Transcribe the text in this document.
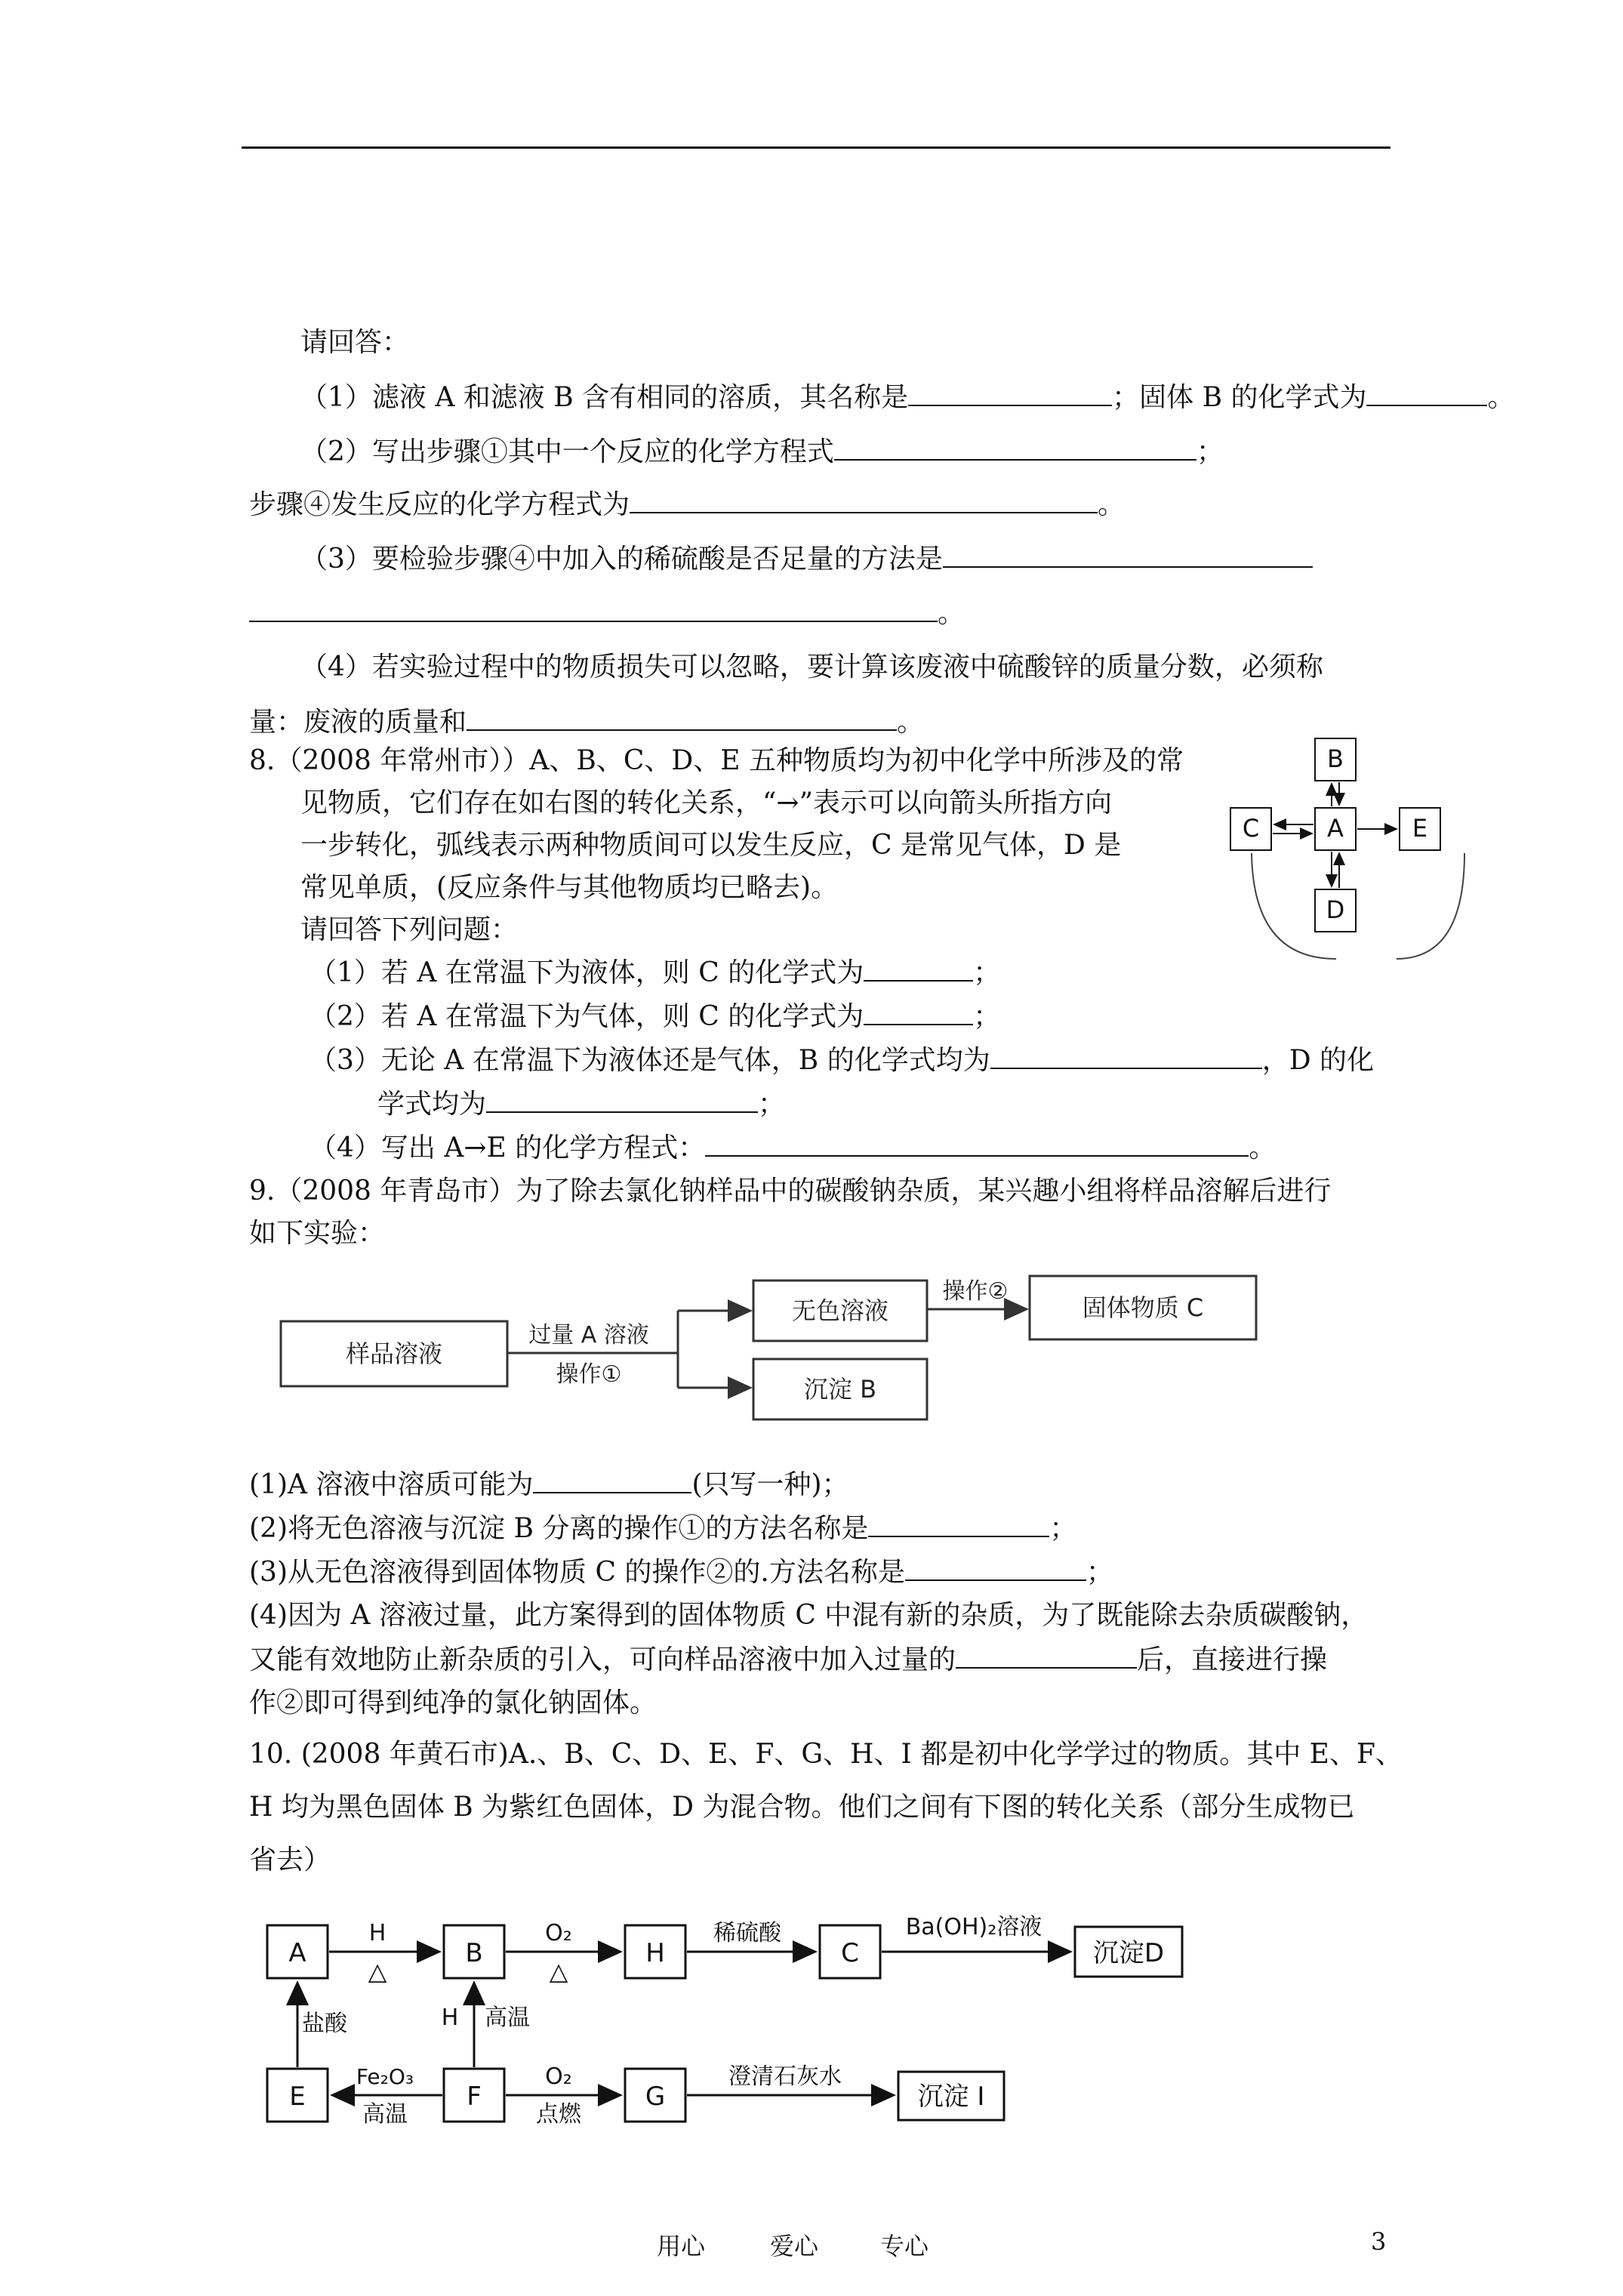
请回答：
（1）滤液 A 和滤液 B 含有相同的溶质，其名称是	；固体 B 的化学式为	。
（2）写出步骤①其中一个反应的化学方程式	；
步骤④发生反应的化学方程式为	。
（3）要检验步骤④中加入的稀硫酸是否足量的方法是
。
（4）若实验过程中的物质损失可以忽略，要计算该废液中硫酸锌的质量分数，必须称
量：废液的质量和	。
8.（2008 年常州市））A、B、C、D、E 五种物质均为初中化学中所涉及的常
见物质，它们存在如右图的转化关系，“→”表示可以向箭头所指方向
一步转化，弧线表示两种物质间可以发生反应，C 是常见气体，D 是
常见单质，(反应条件与其他物质均已略去)。
请回答下列问题：
（1）若 A 在常温下为液体，则 C 的化学式为	；
（2）若 A 在常温下为气体，则 C 的化学式为	；
（3）无论 A 在常温下为液体还是气体，B 的化学式均为	，D 的化
学式均为	；
（4）写出 A→E 的化学方程式：	。
B
A
C	E
D
9.（2008 年青岛市）为了除去氯化钠样品中的碳酸钠杂质，某兴趣小组将样品溶解后进行
如下实验：
样品溶液
过量 A 溶液
操作①
无色溶液
沉淀 B
操作②
固体物质 C
(1)A 溶液中溶质可能为	(只写一种)；
(2)将无色溶液与沉淀 B 分离的操作①的方法名称是	；
(3)从无色溶液得到固体物质 C 的操作②的.方法名称是	；
(4)因为 A 溶液过量，此方案得到的固体物质 C 中混有新的杂质，为了既能除去杂质碳酸钠，
又能有效地防止新杂质的引入，可向样品溶液中加入过量的	后，直接进行操
作②即可得到纯净的氯化钠固体。
10. (2008 年黄石市)A.、B、C、D、E、F、G、H、I 都是初中化学学过的物质。其中 E、F、
H 均为黑色固体 B 为紫红色固体，D 为混合物。他们之间有下图的转化关系（部分生成物已
省去）
A	B	H	C	沉淀D
H
△
O₂
△
稀硫酸	Ba(OH)₂溶液
E	F	G	沉淀 I
盐酸	H 高温
Fe₂O₃
高温
O₂
点燃
澄清石灰水
用心	爱心	专心	3
